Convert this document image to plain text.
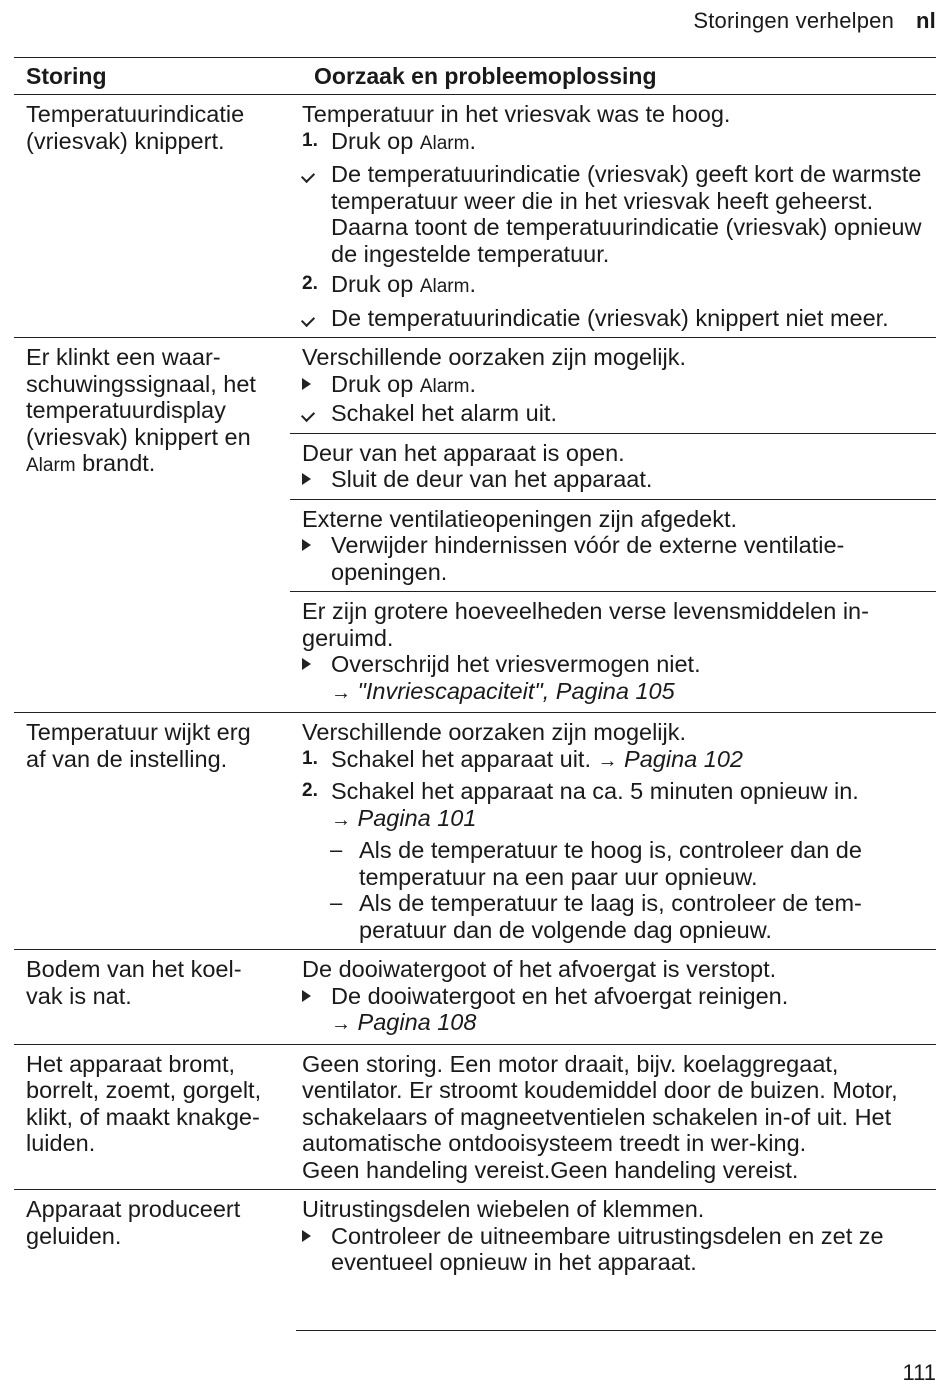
Storingen verhelpen nl
Storing	Oorzaak en probleemoplossing
Temperatuurindicatie (vriesvak) knippert.
Temperatuur in het vriesvak was te hoog.
1. Druk op Alarm.
De temperatuurindicatie (vriesvak) geeft kort de warmste temperatuur weer die in het vriesvak heeft geheerst. Daarna toont de temperatuurindicatie (vriesvak) opnieuw de ingestelde temperatuur.
2. Druk op Alarm.
De temperatuurindicatie (vriesvak) knippert niet meer.
Er klinkt een waar-schuwingssignaal, het temperatuurdisplay (vriesvak) knippert en Alarm brandt.
Verschillende oorzaken zijn mogelijk.
Druk op Alarm.
Schakel het alarm uit.
Deur van het apparaat is open.
Sluit de deur van het apparaat.
Externe ventilatieopeningen zijn afgedekt.
Verwijder hindernissen vóór de externe ventilatie-openingen.
Er zijn grotere hoeveelheden verse levensmiddelen in-geruimd.
Overschrijd het vriesvermogen niet.
→ "Invriescapaciteit", Pagina 105
Temperatuur wijkt erg af van de instelling.
Verschillende oorzaken zijn mogelijk.
1. Schakel het apparaat uit. → Pagina 102
2. Schakel het apparaat na ca. 5 minuten opnieuw in.
→ Pagina 101
– Als de temperatuur te hoog is, controleer dan de temperatuur na een paar uur opnieuw.
– Als de temperatuur te laag is, controleer de tem-peratuur dan de volgende dag opnieuw.
Bodem van het koel-vak is nat.
De dooiwatergoot of het afvoergat is verstopt.
De dooiwatergoot en het afvoergat reinigen.
→ Pagina 108
Het apparaat bromt, borrelt, zoemt, gorgelt, klikt, of maakt knakge-luiden.
Geen storing. Een motor draait, bijv. koelaggregaat, ventilator. Er stroomt koudemiddel door de buizen. Motor, schakelaars of magneetventielen schakelen in-of uit. Het automatische ontdooisysteem treedt in wer-king.
Geen handeling vereist.Geen handeling vereist.
Apparaat produceert geluiden.
Uitrustingsdelen wiebelen of klemmen.
Controleer de uitneembare uitrustingsdelen en zet ze eventueel opnieuw in het apparaat.
111
